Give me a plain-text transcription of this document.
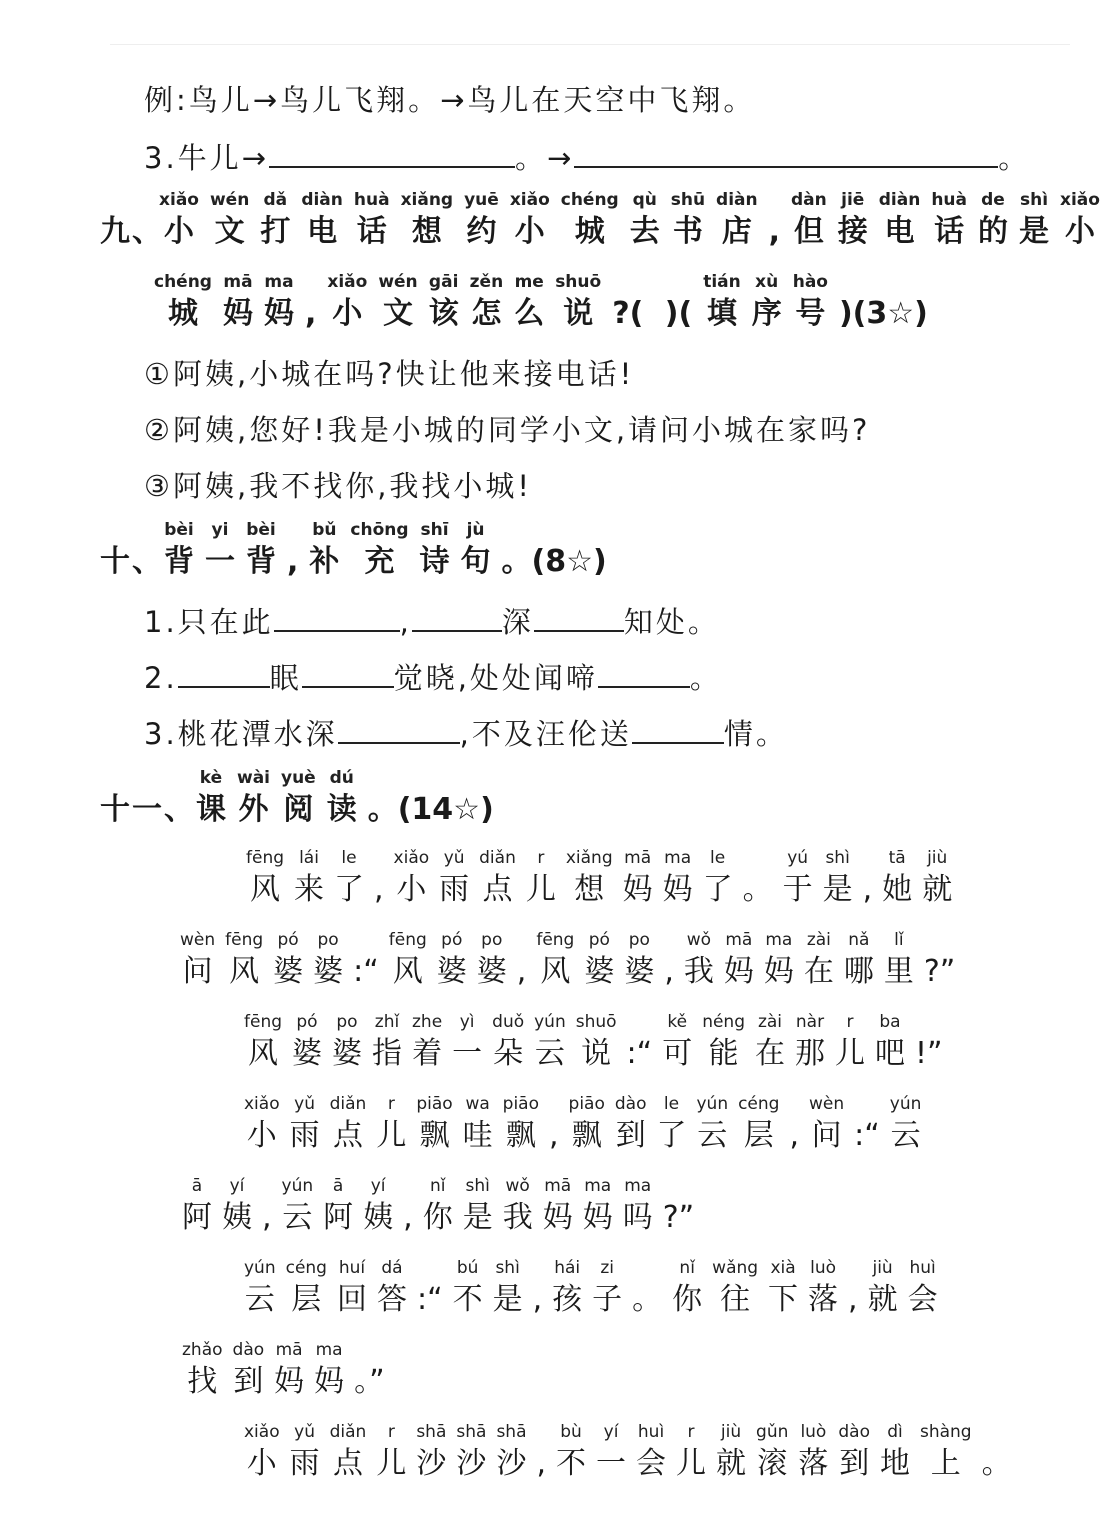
例:鸟儿→鸟儿飞翔。→鸟儿在天空中飞翔。
3.牛儿→	。→	。
九、小xiǎo文wén打dǎ电diàn话huà想xiǎng约yuē小xiǎo城chéng去qù书shū店diàn, 但dàn接jiē电diàn话huà的de是shì小xiǎo
城chéng妈mā妈ma, 小xiǎo文wén该gāi怎zěn么me说shuō?(  )( 填tián序xù号hào)(3☆)
①阿姨,小城在吗?快让他来接电话!
②阿姨,您好!我是小城的同学小文,请问小城在家吗?
③阿姨,我不找你,我找小城!
十、背bèi一yi背bèi, 补bǔ充chōng诗shī句jù。(8☆)
1.只在此	,	深	知处。
2.	眠	觉晓,处处闻啼	。
3.桃花潭水深	,不及汪伦送	情。
十一、课kè外wài阅yuè读dú。(14☆)
风fēng来lái了le, 小xiǎo雨yǔ点diǎn儿r想xiǎng妈mā妈ma了le。 于yú是shì, 她tā就jiù
问wèn风fēng婆pó婆po:“ 风fēng婆pó婆po, 风fēng婆pó婆po, 我wǒ妈mā妈ma在zài哪nǎ里lǐ?”
风fēng婆pó婆po指zhǐ着zhe一yì朵duǒ云yún说shuō:“ 可kě能néng在zài那nàr儿r吧ba!”
小xiǎo雨yǔ点diǎn儿r飘piāo哇wa飘piāo, 飘piāo到dào了le云yún层céng, 问wèn:“ 云yún
阿ā姨yí, 云yún阿ā姨yí, 你nǐ是shì我wǒ妈mā妈ma吗ma?”
云yún层céng回huí答dá:“ 不bú是shì, 孩hái子zi。 你nǐ往wǎng下xià落luò, 就jiù会huì
找zhǎo到dào妈mā妈ma。”
小xiǎo雨yǔ点diǎn儿r沙shā沙shā沙shā, 不bù一yí会huì儿r就jiù滚gǔn落luò到dào地dì上shàng。
